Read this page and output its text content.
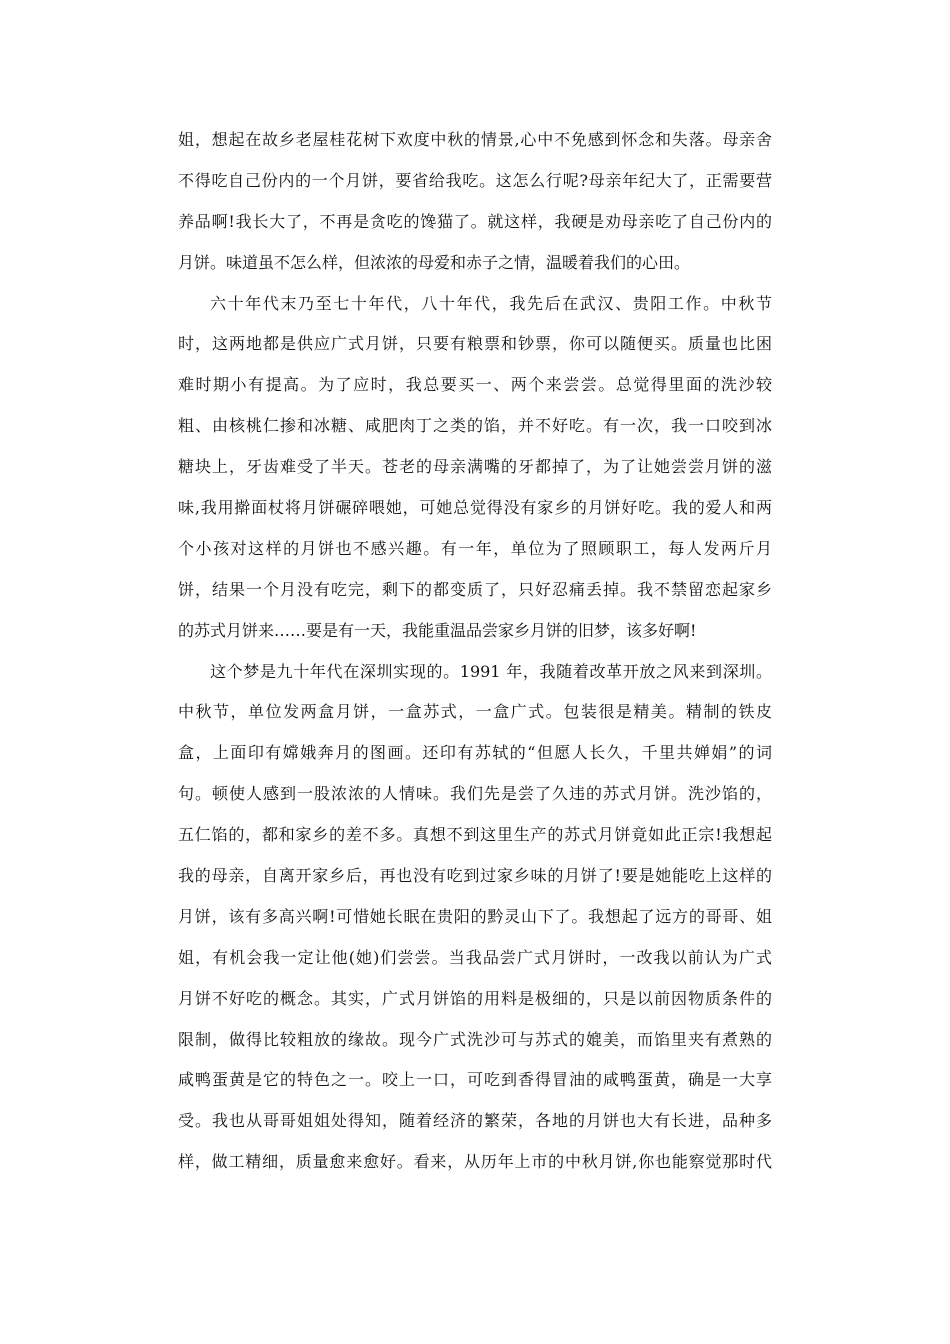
姐，想起在故乡老屋桂花树下欢度中秋的情景,心中不免感到怀念和失落。母亲舍
不得吃自己份内的一个月饼，要省给我吃。这怎么行呢?母亲年纪大了，正需要营
养品啊!我长大了，不再是贪吃的馋猫了。就这样，我硬是劝母亲吃了自己份内的
月饼。味道虽不怎么样，但浓浓的母爱和赤子之情，温暖着我们的心田。
六十年代末乃至七十年代，八十年代，我先后在武汉、贵阳工作。中秋节
时，这两地都是供应广式月饼，只要有粮票和钞票，你可以随便买。质量也比困
难时期小有提高。为了应时，我总要买一、两个来尝尝。总觉得里面的洗沙较
粗、由核桃仁掺和冰糖、咸肥肉丁之类的馅，并不好吃。有一次，我一口咬到冰
糖块上，牙齿难受了半天。苍老的母亲满嘴的牙都掉了，为了让她尝尝月饼的滋
味,我用擀面杖将月饼碾碎喂她，可她总觉得没有家乡的月饼好吃。我的爱人和两
个小孩对这样的月饼也不感兴趣。有一年，单位为了照顾职工，每人发两斤月
饼，结果一个月没有吃完，剩下的都变质了，只好忍痛丢掉。我不禁留恋起家乡
的苏式月饼来……要是有一天，我能重温品尝家乡月饼的旧梦，该多好啊!
这个梦是九十年代在深圳实现的。1991 年，我随着改革开放之风来到深圳。
中秋节，单位发两盒月饼，一盒苏式，一盒广式。包装很是精美。精制的铁皮
盒，上面印有嫦娥奔月的图画。还印有苏轼的“但愿人长久，千里共婵娟”的词
句。顿使人感到一股浓浓的人情味。我们先是尝了久违的苏式月饼。洗沙馅的，
五仁馅的，都和家乡的差不多。真想不到这里生产的苏式月饼竟如此正宗!我想起
我的母亲，自离开家乡后，再也没有吃到过家乡味的月饼了!要是她能吃上这样的
月饼，该有多高兴啊!可惜她长眠在贵阳的黔灵山下了。我想起了远方的哥哥、姐
姐，有机会我一定让他(她)们尝尝。当我品尝广式月饼时，一改我以前认为广式
月饼不好吃的概念。其实，广式月饼馅的用料是极细的，只是以前因物质条件的
限制，做得比较粗放的缘故。现今广式洗沙可与苏式的媲美，而馅里夹有煮熟的
咸鸭蛋黄是它的特色之一。咬上一口，可吃到香得冒油的咸鸭蛋黄，确是一大享
受。我也从哥哥姐姐处得知，随着经济的繁荣，各地的月饼也大有长进，品种多
样，做工精细，质量愈来愈好。看来，从历年上市的中秋月饼,你也能察觉那时代
